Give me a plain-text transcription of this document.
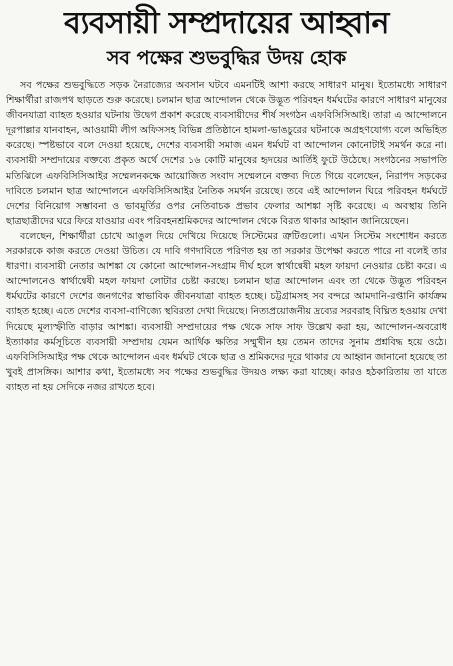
ব্যবসায়ী সম্প্রদায়ের আহ্বান
সব পক্ষের শুভবুদ্ধির উদয় হোক

সব পক্ষের শুভবুদ্ধিতে সড়ক নৈরাজ্যের অবসান ঘটবে এমনটিই আশা করছে সাধারণ মানুষ। ইতোমধ্যে সাধারণ শিক্ষার্থীরা রাজপথ ছাড়তে শুরু করেছে। চলমান ছাত্র আন্দোলন থেকে উদ্ভূত পরিবহন ধর্মঘটের কারণে সাধারণ মানুষের জীবনযাত্রা ব্যাহত হওয়ার ঘটনায় উদ্বেগ প্রকাশ করেছে ব্যবসায়ীদের শীর্ষ সংগঠন এফবিসিসিআই। তারা এ আন্দোলনে দূরপাল্লার যানবাহন, আওয়ামী লীগ অফিসসহ বিভিন্ন প্রতিষ্ঠানে হামলা-ভাঙচুরের ঘটনাকে অগ্রহণযোগ্য বলে অভিহিত করেছে। স্পষ্টভাবে বলে দেওয়া হয়েছে, দেশের ব্যবসায়ী সমাজ এমন ধর্মঘট বা আন্দোলন কোনোটাই সমর্থন করে না। ব্যবসায়ী সম্প্রদায়ের বক্তব্যে প্রকৃত অর্থে দেশের ১৬ কোটি মানুষের হৃদয়ের আর্তিই ফুটে উঠেছে। সংগঠনের সভাপতি মতিঝিলে এফবিসিসিআইর সম্মেলনকক্ষে আয়োজিত সংবাদ সম্মেলনে বক্তব্য দিতে গিয়ে বলেছেন, নিরাপদ সড়কের দাবিতে চলমান ছাত্র আন্দোলনে এফবিসিসিআইর নৈতিক সমর্থন রয়েছে। তবে এই আন্দোলন ঘিরে পরিবহন ধর্মঘটে দেশের বিনিয়োগ সম্ভাবনা ও ভাবমূর্তির ওপর নেতিবাচক প্রভাব ফেলার আশঙ্কা সৃষ্টি করেছে। এ অবস্থায় তিনি ছাত্রছাত্রীদের ঘরে ফিরে যাওয়ার এবং পরিবহনশ্রমিকদের আন্দোলন থেকে বিরত থাকার আহ্বান জানিয়েছেন।

বলেছেন, শিক্ষার্থীরা চোখে আঙুল দিয়ে দেখিয়ে দিয়েছে সিস্টেমের ত্রুটিগুলো। এখন সিস্টেম সংশোধন করতে সরকারকে কাজ করতে দেওয়া উচিত। যে দাবি গণদাবিতে পরিণত হয় তা সরকার উপেক্ষা করতে পারে না বলেই তার ধারণা। ব্যবসায়ী নেতার আশঙ্কা যে কোনো আন্দোলন-সংগ্রাম দীর্ঘ হলে স্বার্থান্বেষী মহল ফায়দা নেওয়ার চেষ্টা করে। এ আন্দোলনেও স্বার্থান্বেষী মহল ফায়দা লোটার চেষ্টা করছে। চলমান ছাত্র আন্দোলন এবং তা থেকে উদ্ভূত পরিবহন ধর্মঘটের কারণে দেশের জনগণের স্বাভাবিক জীবনযাত্রা ব্যাহত হচ্ছে। চট্টগ্রামসহ সব বন্দরে আমদানি-রপ্তানি কার্যক্রম ব্যাহত হচ্ছে। এতে দেশের ব্যবসা-বাণিজ্যে স্থবিরতা দেখা দিয়েছে। নিত্যপ্রয়োজনীয় দ্রব্যের সরবরাহ বিঘ্নিত হওয়ায় দেখা দিয়েছে মূল্যস্ফীতি বাড়ার আশঙ্কা। ব্যবসায়ী সম্প্রদায়ের পক্ষ থেকে সাফ সাফ উল্লেখ করা হয়, আন্দোলন-অবরোধ ইত্যাকার কর্মসূচিতে ব্যবসায়ী সম্প্রদায় যেমন আর্থিক ক্ষতির সম্মুখীন হয় তেমন তাদের সুনাম প্রশ্নবিদ্ধ হয়ে ওঠে। এফবিসিসিআইর পক্ষ থেকে আন্দোলন এবং ধর্মঘট থেকে ছাত্র ও শ্রমিকদের দূরে থাকার যে আহ্বান জানানো হয়েছে তা খুবই প্রাসঙ্গিক। আশার কথা, ইতোমধ্যে সব পক্ষের শুভবুদ্ধির উদয়ও লক্ষ্য করা যাচ্ছে। কারও হঠকারিতায় তা যাতে ব্যাহত না হয় সেদিকে নজর রাখতে হবে।
